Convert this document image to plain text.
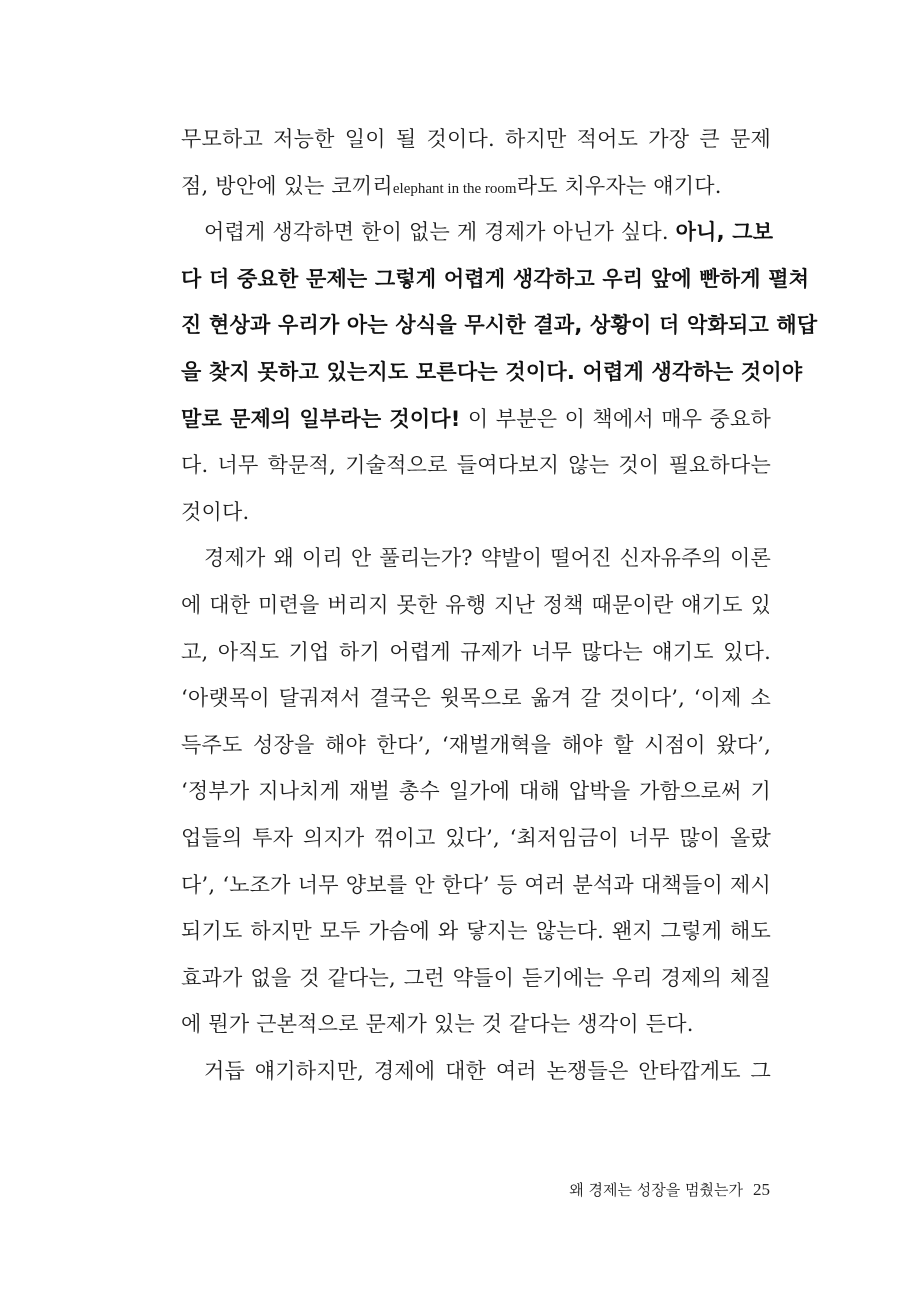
무모하고 저능한 일이 될 것이다. 하지만 적어도 가장 큰 문제
점, 방안에 있는 코끼리elephant in the room라도 치우자는 얘기다.
어렵게 생각하면 한이 없는 게 경제가 아닌가 싶다. 아니, 그보
다 더 중요한 문제는 그렇게 어렵게 생각하고 우리 앞에 빤하게 펼쳐
진 현상과 우리가 아는 상식을 무시한 결과, 상황이 더 악화되고 해답
을 찾지 못하고 있는지도 모른다는 것이다. 어렵게 생각하는 것이야
말로 문제의 일부라는 것이다! 이 부분은 이 책에서 매우 중요하
다. 너무 학문적, 기술적으로 들여다보지 않는 것이 필요하다는
것이다.
경제가 왜 이리 안 풀리는가? 약발이 떨어진 신자유주의 이론
에 대한 미련을 버리지 못한 유행 지난 정책 때문이란 얘기도 있
고, 아직도 기업 하기 어렵게 규제가 너무 많다는 얘기도 있다.
‘아랫목이 달궈져서 결국은 윗목으로 옮겨 갈 것이다’, ‘이제 소
득주도 성장을 해야 한다’, ‘재벌개혁을 해야 할 시점이 왔다’,
‘정부가 지나치게 재벌 총수 일가에 대해 압박을 가함으로써 기
업들의 투자 의지가 꺾이고 있다’, ‘최저임금이 너무 많이 올랐
다’, ‘노조가 너무 양보를 안 한다’ 등 여러 분석과 대책들이 제시
되기도 하지만 모두 가슴에 와 닿지는 않는다. 왠지 그렇게 해도
효과가 없을 것 같다는, 그런 약들이 듣기에는 우리 경제의 체질
에 뭔가 근본적으로 문제가 있는 것 같다는 생각이 든다.
거듭 얘기하지만, 경제에 대한 여러 논쟁들은 안타깝게도 그
왜 경제는 성장을 멈췄는가 25
